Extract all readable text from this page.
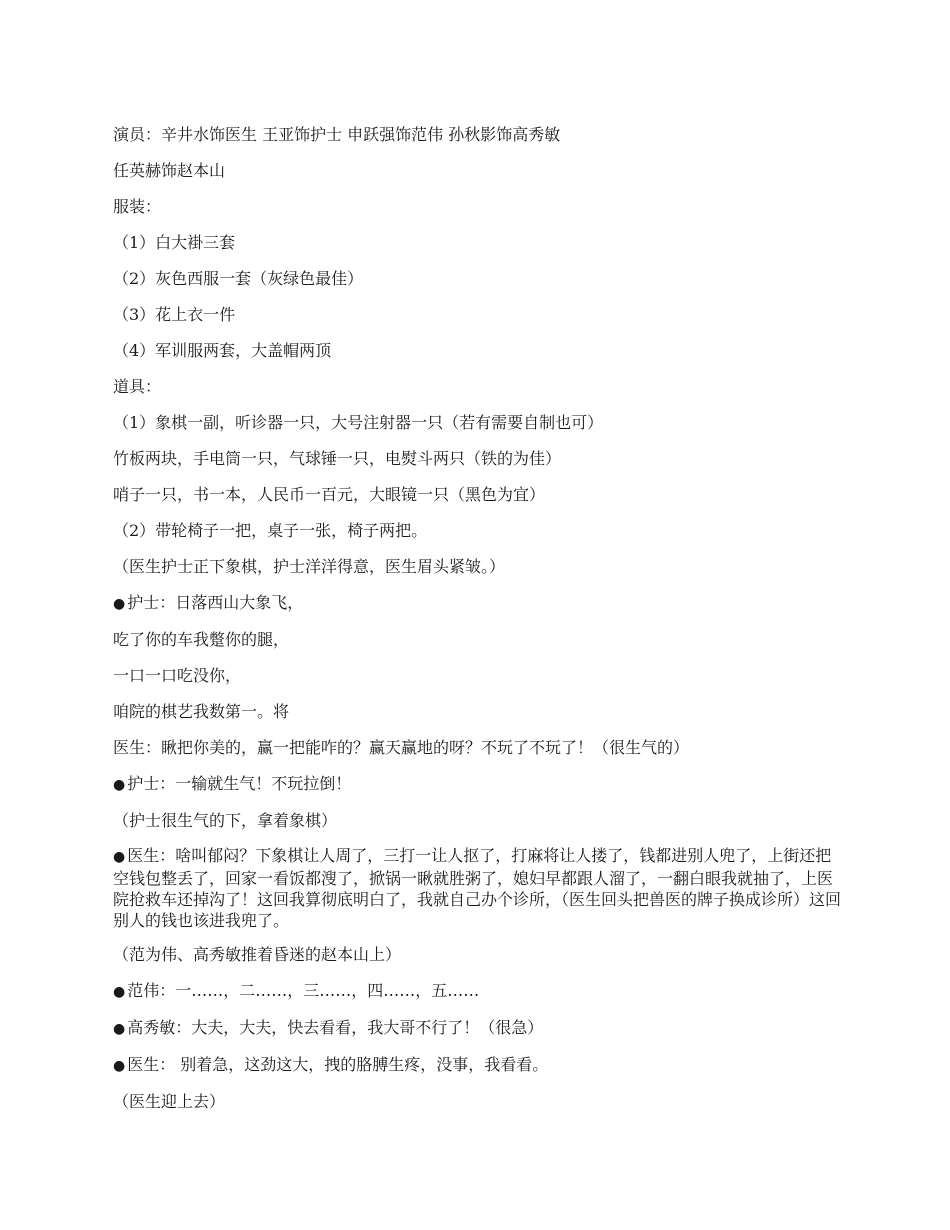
演员：辛井水饰医生 王亚饰护士 申跃强饰范伟 孙秋影饰高秀敏

任英赫饰赵本山

服装：

（1）白大褂三套

（2）灰色西服一套（灰绿色最佳）

（3）花上衣一件

（4）军训服两套，大盖帽两顶

道具：

（1）象棋一副，听诊器一只，大号注射器一只（若有需要自制也可）

竹板两块，手电筒一只，气球锤一只，电熨斗两只（铁的为佳）

哨子一只，书一本，人民币一百元，大眼镜一只（黑色为宜）

（2）带轮椅子一把，桌子一张，椅子两把。

（医生护士正下象棋，护士洋洋得意，医生眉头紧皱。）

● 护士：日落西山大象飞，

吃了你的车我蹩你的腿，

一口一口吃没你，

咱院的棋艺我数第一。将

医生：瞅把你美的，赢一把能咋的？赢天赢地的呀？不玩了不玩了！（很生气的）

● 护士：一输就生气！不玩拉倒！

（护士很生气的下，拿着象棋）

● 医生：啥叫郁闷？下象棋让人周了，三打一让人抠了，打麻将让人搂了，钱都进别人兜了，上街还把空钱包整丢了，回家一看饭都溲了，掀锅一瞅就胜粥了，媳妇早都跟人溜了，一翻白眼我就抽了，上医院抢救车还掉沟了！这回我算彻底明白了，我就自己办个诊所，（医生回头把兽医的牌子换成诊所）这回别人的钱也该进我兜了。

（范为伟、高秀敏推着昏迷的赵本山上）

● 范伟：一……，二……，三……，四……，五……

● 高秀敏：大夫，大夫，快去看看，我大哥不行了！（很急）

● 医生： 别着急，这劲这大，拽的胳膊生疼，没事，我看看。

（医生迎上去）
